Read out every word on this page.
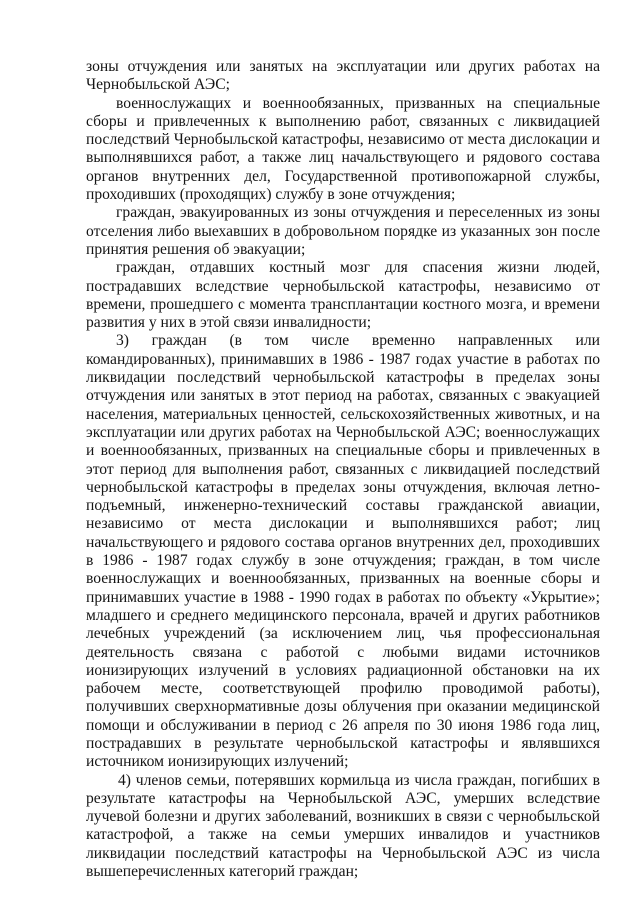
зоны отчуждения или занятых на эксплуатации или других работах на Чернобыльской АЭС;

военнослужащих и военнообязанных, призванных на специальные сборы и привлеченных к выполнению работ, связанных с ликвидацией последствий Чернобыльской катастрофы, независимо от места дислокации и выполнявшихся работ, а также лиц начальствующего и рядового состава органов внутренних дел, Государственной противопожарной службы, проходивших (проходящих) службу в зоне отчуждения;

граждан, эвакуированных из зоны отчуждения и переселенных из зоны отселения либо выехавших в добровольном порядке из указанных зон после принятия решения об эвакуации;

граждан, отдавших костный мозг для спасения жизни людей, пострадавших вследствие чернобыльской катастрофы, независимо от времени, прошедшего с момента трансплантации костного мозга, и времени развития у них в этой связи инвалидности;

3) граждан (в том числе временно направленных или командированных), принимавших в 1986 - 1987 годах участие в работах по ликвидации последствий чернобыльской катастрофы в пределах зоны отчуждения или занятых в этот период на работах, связанных с эвакуацией населения, материальных ценностей, сельскохозяйственных животных, и на эксплуатации или других работах на Чернобыльской АЭС; военнослужащих и военнообязанных, призванных на специальные сборы и привлеченных в этот период для выполнения работ, связанных с ликвидацией последствий чернобыльской катастрофы в пределах зоны отчуждения, включая летно-подъемный, инженерно-технический составы гражданской авиации, независимо от места дислокации и выполнявшихся работ; лиц начальствующего и рядового состава органов внутренних дел, проходивших в 1986 - 1987 годах службу в зоне отчуждения; граждан, в том числе военнослужащих и военнообязанных, призванных на военные сборы и принимавших участие в 1988 - 1990 годах в работах по объекту «Укрытие»; младшего и среднего медицинского персонала, врачей и других работников лечебных учреждений (за исключением лиц, чья профессиональная деятельность связана с работой с любыми видами источников ионизирующих излучений в условиях радиационной обстановки на их рабочем месте, соответствующей профилю проводимой работы), получивших сверхнормативные дозы облучения при оказании медицинской помощи и обслуживании в период с 26 апреля по 30 июня 1986 года лиц, пострадавших в результате чернобыльской катастрофы и являвшихся источником ионизирующих излучений;

4) членов семьи, потерявших кормильца из числа граждан, погибших в результате катастрофы на Чернобыльской АЭС, умерших вследствие лучевой болезни и других заболеваний, возникших в связи с чернобыльской катастрофой, а также на семьи умерших инвалидов и участников ликвидации последствий катастрофы на Чернобыльской АЭС из числа вышеперечисленных категорий граждан;
